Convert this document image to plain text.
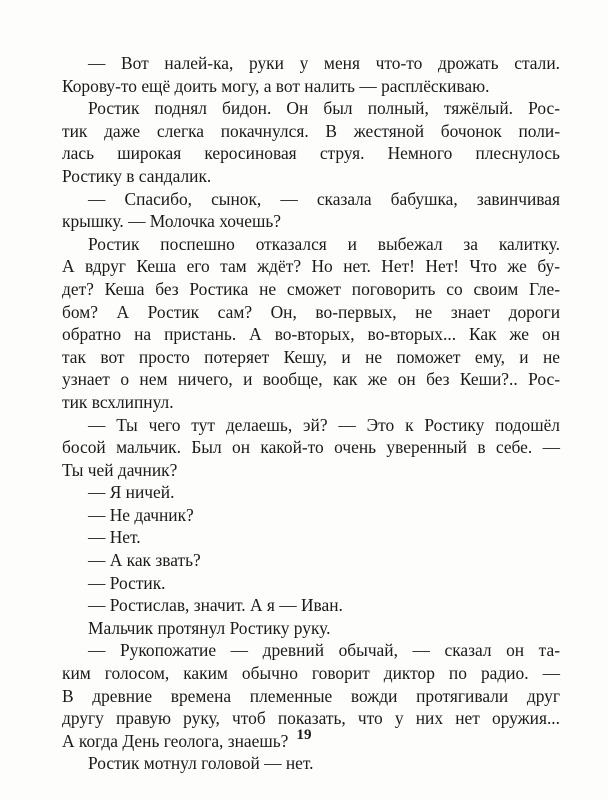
— Вот налей-ка, руки у меня что-то дрожать стали.
Корову-то ещё доить могу, а вот налить — расплёскиваю.
Ростик поднял бидон. Он был полный, тяжёлый. Рос-
тик даже слегка покачнулся. В жестяной бочонок поли-
лась широкая керосиновая струя. Немного плеснулось
Ростику в сандалик.
— Спасибо, сынок, — сказала бабушка, завинчивая
крышку. — Молочка хочешь?
Ростик поспешно отказался и выбежал за калитку.
А вдруг Кеша его там ждёт? Но нет. Нет! Нет! Что же бу-
дет? Кеша без Ростика не сможет поговорить со своим Гле-
бом? А Ростик сам? Он, во-первых, не знает дороги
обратно на пристань. А во-вторых, во-вторых... Как же он
так вот просто потеряет Кешу, и не поможет ему, и не
узнает о нем ничего, и вообще, как же он без Кеши?.. Рос-
тик всхлипнул.
— Ты чего тут делаешь, эй? — Это к Ростику подошёл
босой мальчик. Был он какой-то очень уверенный в себе. —
Ты чей дачник?
— Я ничей.
— Не дачник?
— Нет.
— А как звать?
— Ростик.
— Ростислав, значит. А я — Иван.
Мальчик протянул Ростику руку.
— Рукопожатие — древний обычай, — сказал он та-
ким голосом, каким обычно говорит диктор по радио. —
В древние времена племенные вожди протягивали друг
другу правую руку, чтоб показать, что у них нет оружия...
А когда День геолога, знаешь?
Ростик мотнул головой — нет.
19
